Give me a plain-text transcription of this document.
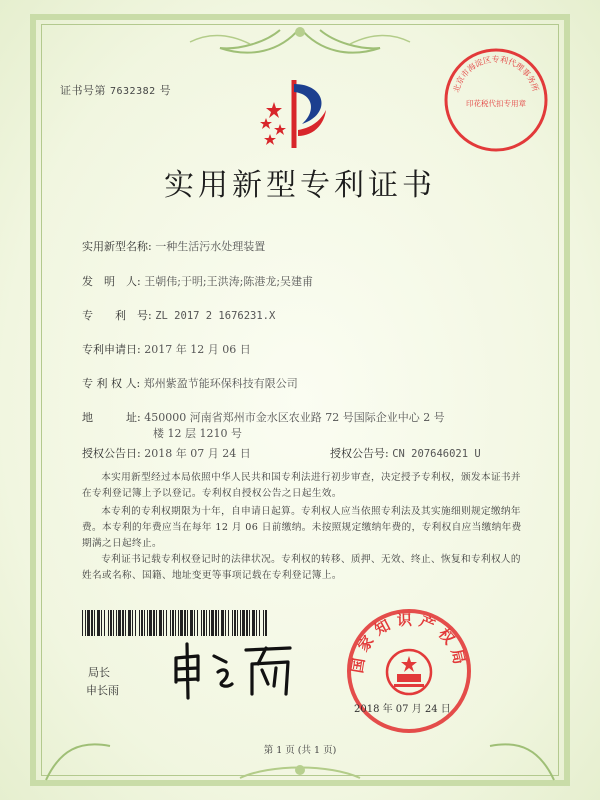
证书号第 7632382 号	北京市海淀区专利代理事务所
印花税代扣专用章
实用新型专利证书
实用新型名称: 一种生活污水处理装置
发　明　人: 王朝伟;于明;王洪涛;陈港龙;吴建甫
专　　利　号: ZL 2017 2 1676231.X
专利申请日: 2017 年 12 月 06 日
专 利 权 人: 郑州紫盈节能环保科技有限公司
地　　　址: 450000 河南省郑州市金水区农业路 72 号国际企业中心 2 号
楼 12 层 1210 号
授权公告日: 2018 年 07 月 24 日	授权公告号: CN 207646021 U
本实用新型经过本局依照中华人民共和国专利法进行初步审查，决定授予专利权，颁发本证书并在专利登记簿上予以登记。专利权自授权公告之日起生效。
本专利的专利权期限为十年，自申请日起算。专利权人应当依照专利法及其实施细则规定缴纳年费。本专利的年费应当在每年 12 月 06 日前缴纳。未按照规定缴纳年费的，专利权自应当缴纳年费期满之日起终止。
专利证书记载专利权登记时的法律状况。专利权的转移、质押、无效、终止、恢复和专利权人的姓名或名称、国籍、地址变更等事项记载在专利登记簿上。
局长
申长雨
国家知识产权局
2018 年 07 月 24 日
第 1 页 (共 1 页)
